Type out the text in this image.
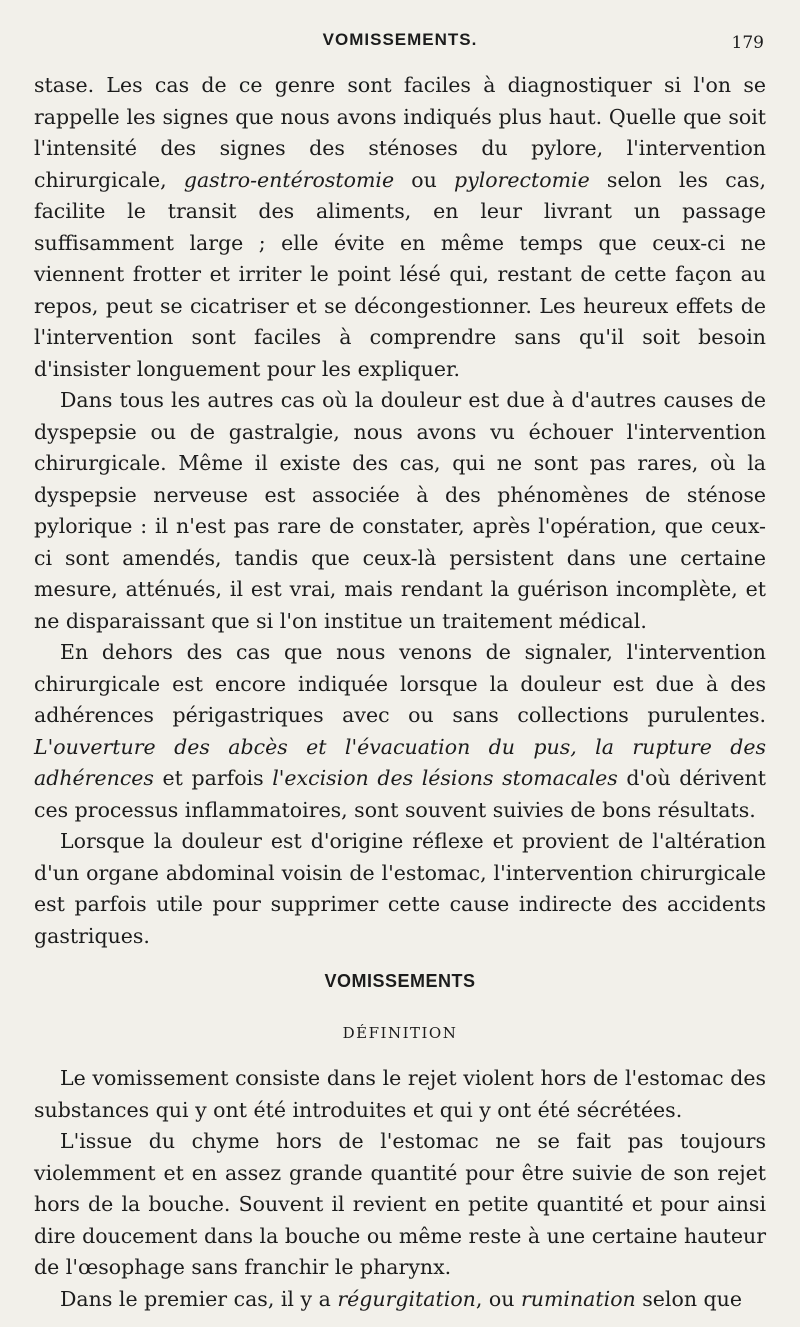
VOMISSEMENTS.	179

stase. Les cas de ce genre sont faciles à diagnostiquer si l'on se rappelle les signes que nous avons indiqués plus haut. Quelle que soit l'intensité des signes des sténoses du pylore, l'intervention chirurgicale, gastro-entérostomie ou pylorectomie selon les cas, facilite le transit des aliments, en leur livrant un passage suffisamment large ; elle évite en même temps que ceux-ci ne viennent frotter et irriter le point lésé qui, restant de cette façon au repos, peut se cicatriser et se décongestionner. Les heureux effets de l'intervention sont faciles à comprendre sans qu'il soit besoin d'insister longuement pour les expliquer.

Dans tous les autres cas où la douleur est due à d'autres causes de dyspepsie ou de gastralgie, nous avons vu échouer l'intervention chirurgicale. Même il existe des cas, qui ne sont pas rares, où la dyspepsie nerveuse est associée à des phénomènes de sténose pylorique : il n'est pas rare de constater, après l'opération, que ceux-ci sont amendés, tandis que ceux-là persistent dans une certaine mesure, atténués, il est vrai, mais rendant la guérison incomplète, et ne disparaissant que si l'on institue un traitement médical.

En dehors des cas que nous venons de signaler, l'intervention chirurgicale est encore indiquée lorsque la douleur est due à des adhérences périgastriques avec ou sans collections purulentes. L'ouverture des abcès et l'évacuation du pus, la rupture des adhérences et parfois l'excision des lésions stomacales d'où dérivent ces processus inflammatoires, sont souvent suivies de bons résultats.

Lorsque la douleur est d'origine réflexe et provient de l'altération d'un organe abdominal voisin de l'estomac, l'intervention chirurgicale est parfois utile pour supprimer cette cause indirecte des accidents gastriques.

VOMISSEMENTS
DÉFINITION

Le vomissement consiste dans le rejet violent hors de l'estomac des substances qui y ont été introduites et qui y ont été sécrétées.

L'issue du chyme hors de l'estomac ne se fait pas toujours violemment et en assez grande quantité pour être suivie de son rejet hors de la bouche. Souvent il revient en petite quantité et pour ainsi dire doucement dans la bouche ou même reste à une certaine hauteur de l'œsophage sans franchir le pharynx.

Dans le premier cas, il y a régurgitation, ou rumination selon que
